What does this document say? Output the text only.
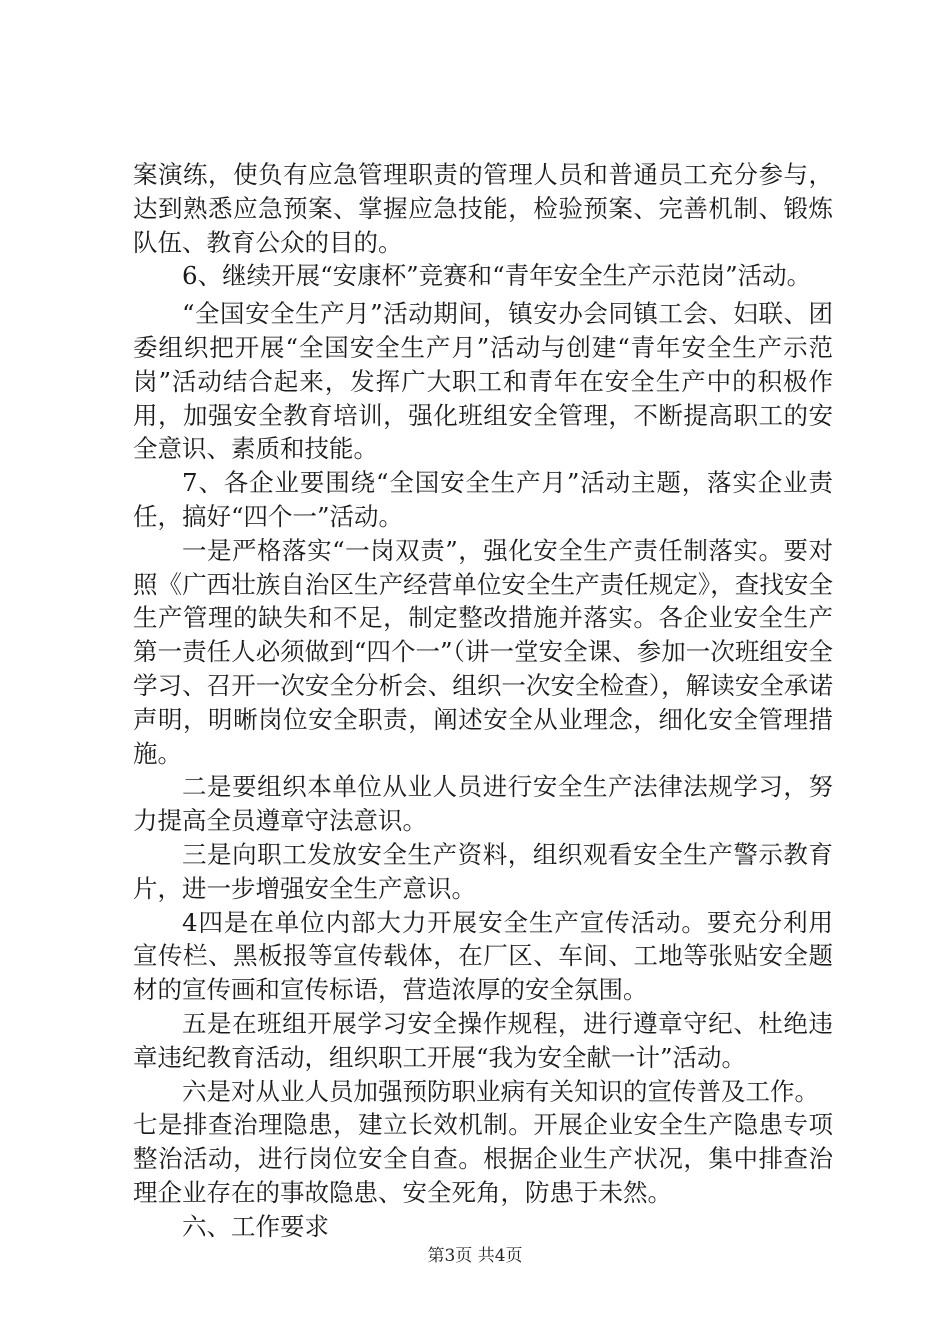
案演练，使负有应急管理职责的管理人员和普通员工充分参与，达到熟悉应急预案、掌握应急技能，检验预案、完善机制、锻炼队伍、教育公众的目的。

6、继续开展“安康杯”竞赛和“青年安全生产示范岗”活动。

“全国安全生产月”活动期间，镇安办会同镇工会、妇联、团委组织把开展“全国安全生产月”活动与创建“青年安全生产示范岗”活动结合起来，发挥广大职工和青年在安全生产中的积极作用，加强安全教育培训，强化班组安全管理，不断提高职工的安全意识、素质和技能。

7、各企业要围绕“全国安全生产月”活动主题，落实企业责任，搞好“四个一”活动。

一是严格落实“一岗双责”，强化安全生产责任制落实。要对照《广西壮族自治区生产经营单位安全生产责任规定》，查找安全生产管理的缺失和不足，制定整改措施并落实。各企业安全生产第一责任人必须做到“四个一”（讲一堂安全课、参加一次班组安全学习、召开一次安全分析会、组织一次安全检查），解读安全承诺声明，明晰岗位安全职责，阐述安全从业理念，细化安全管理措施。

二是要组织本单位从业人员进行安全生产法律法规学习，努力提高全员遵章守法意识。

三是向职工发放安全生产资料，组织观看安全生产警示教育片，进一步增强安全生产意识。

4四是在单位内部大力开展安全生产宣传活动。要充分利用宣传栏、黑板报等宣传载体，在厂区、车间、工地等张贴安全题材的宣传画和宣传标语，营造浓厚的安全氛围。

五是在班组开展学习安全操作规程，进行遵章守纪、杜绝违章违纪教育活动，组织职工开展“我为安全献一计”活动。

六是对从业人员加强预防职业病有关知识的宣传普及工作。

七是排查治理隐患，建立长效机制。开展企业安全生产隐患专项整治活动，进行岗位安全自查。根据企业生产状况，集中排查治理企业存在的事故隐患、安全死角，防患于未然。

六、工作要求

第3页 共4页
